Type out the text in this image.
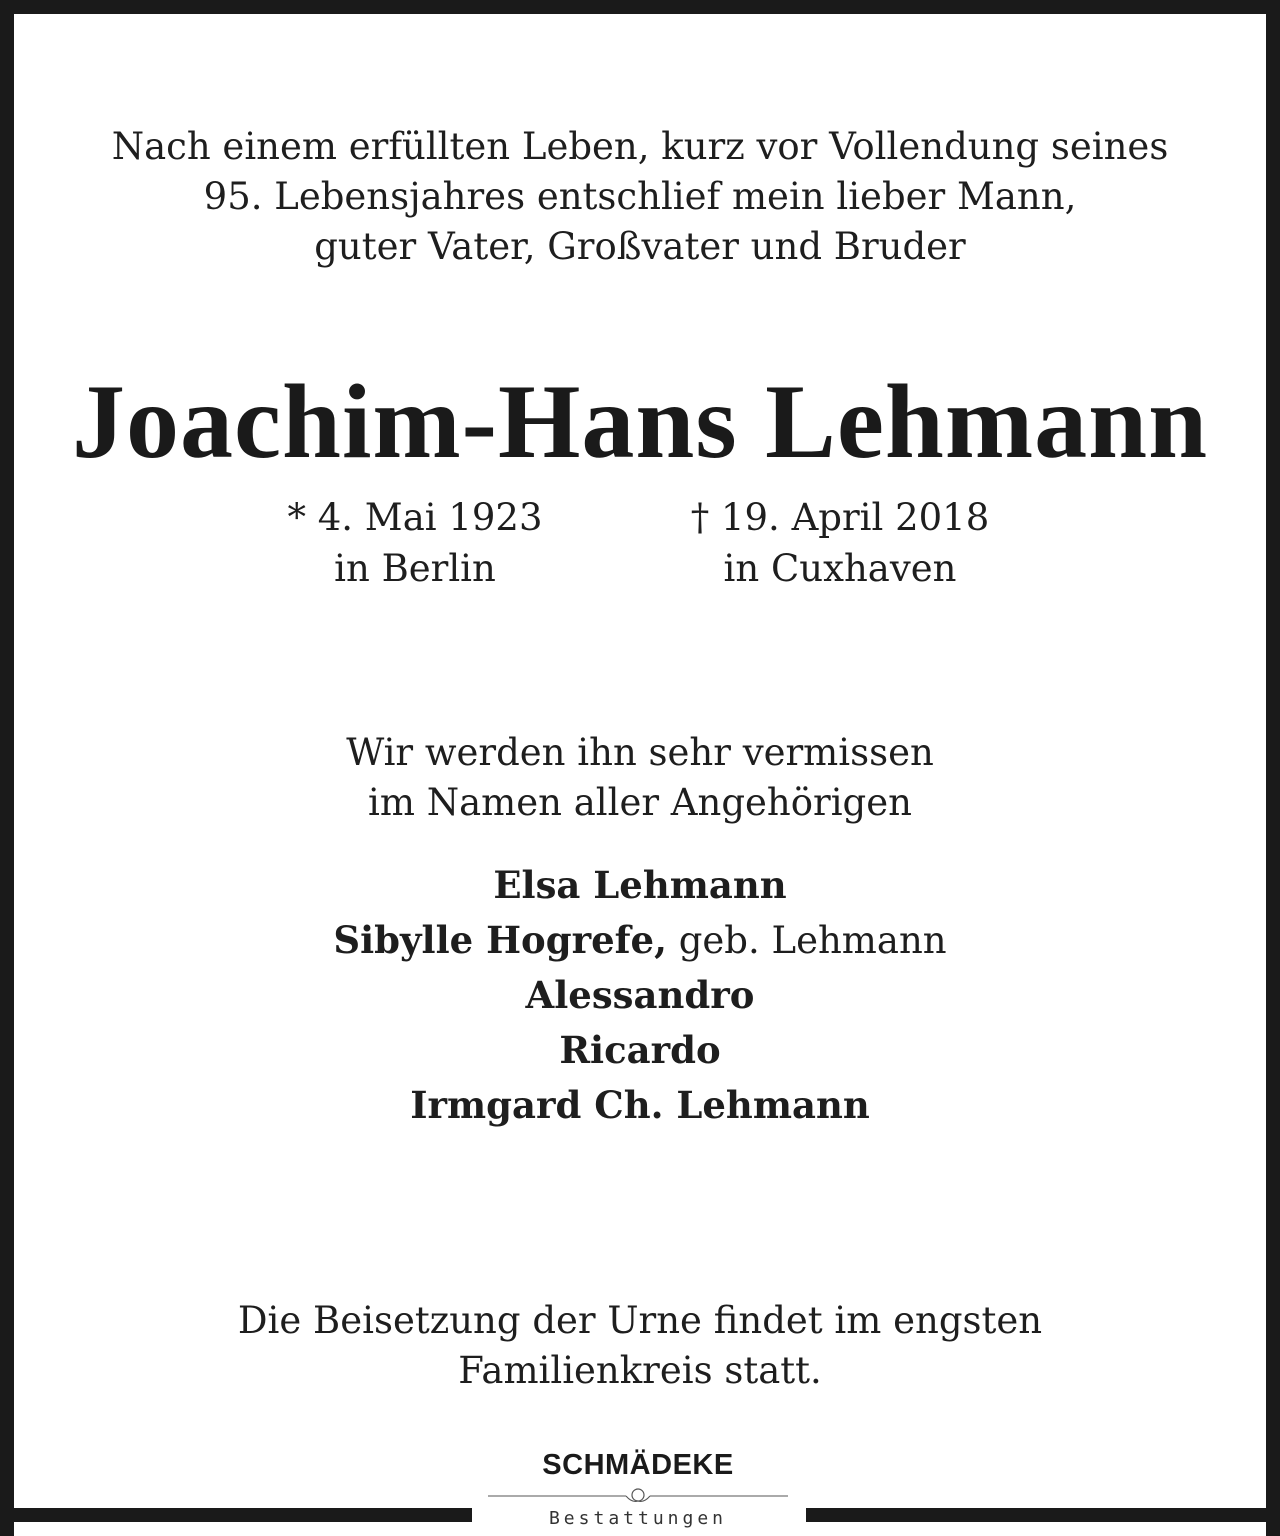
Nach einem erfüllten Leben, kurz vor Vollendung seines
95. Lebensjahres entschlief mein lieber Mann,
guter Vater, Großvater und Bruder
Joachim-Hans Lehmann
* 4. Mai 1923
in Berlin
† 19. April 2018
in Cuxhaven
Wir werden ihn sehr vermissen
im Namen aller Angehörigen
Elsa Lehmann
Sibylle Hogrefe, geb. Lehmann
Alessandro
Ricardo
Irmgard Ch. Lehmann
Die Beisetzung der Urne findet im engsten
Familienkreis statt.
SCHMÄDEKE
Bestattungen
